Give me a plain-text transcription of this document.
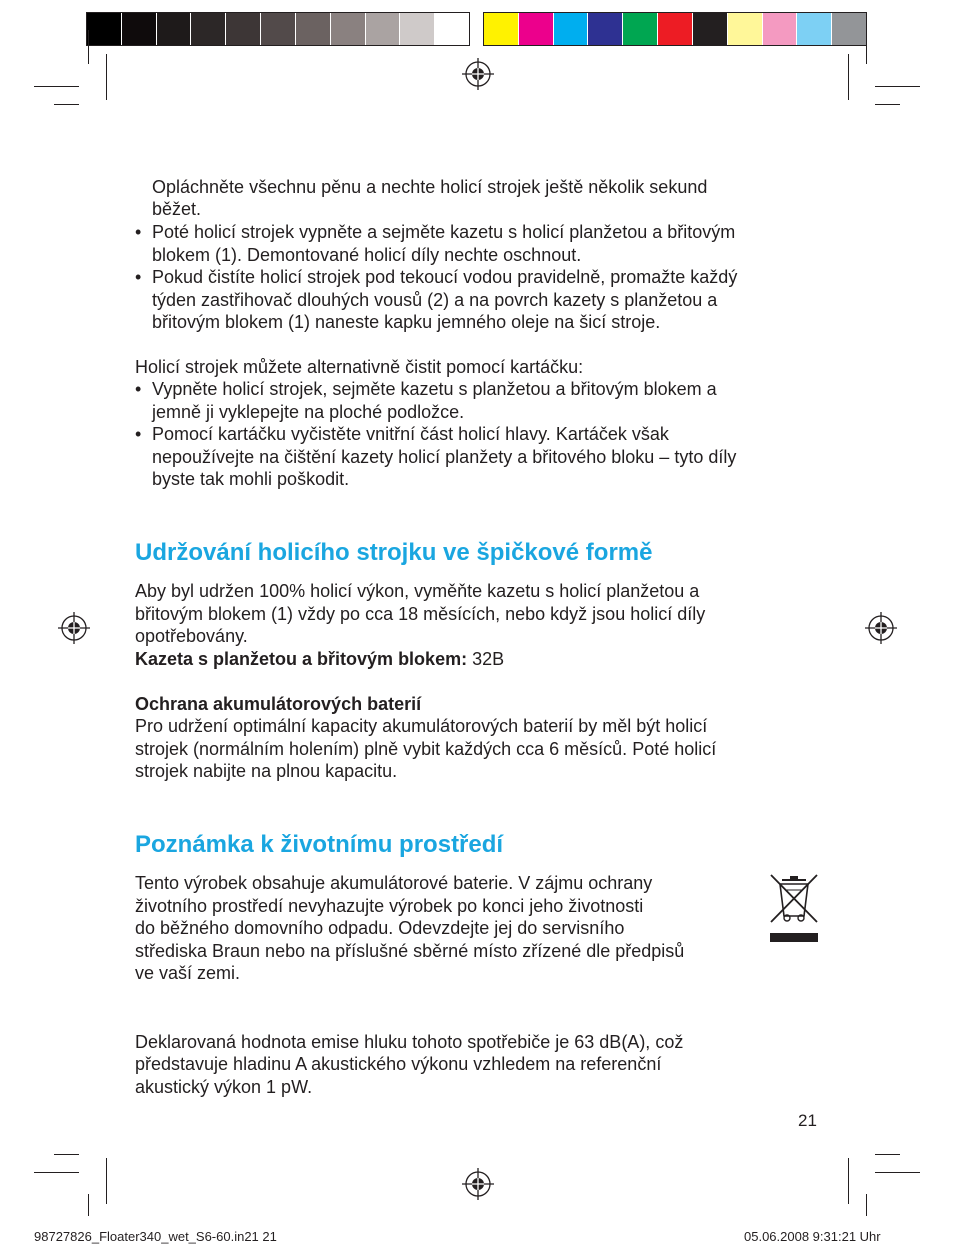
Opláchněte všechnu pěnu a nechte holicí strojek ještě několik sekund
běžet.
• Poté holicí strojek vypněte a sejměte kazetu s holicí planžetou a břitovým
blokem (1). Demontované holicí díly nechte oschnout.
• Pokud čistíte holicí strojek pod tekoucí vodou pravidelně, promažte každý
týden zastřihovač dlouhých vousů (2) a na povrch kazety s planžetou a
břitovým blokem (1) naneste kapku jemného oleje na šicí stroje.
Holicí strojek můžete alternativně čistit pomocí kartáčku:
• Vypněte holicí strojek, sejměte kazetu s planžetou a břitovým blokem a
jemně ji vyklepejte na ploché podložce.
• Pomocí kartáčku vyčistěte vnitřní část holicí hlavy. Kartáček však
nepoužívejte na čištění kazety holicí planžety a břitového bloku – tyto díly
byste tak mohli poškodit.
Udržování holicího strojku ve špičkové formě
Aby byl udržen 100% holicí výkon, vyměňte kazetu s holicí planžetou a
břitovým blokem (1) vždy po cca 18 měsících, nebo když jsou holicí díly
opotřebovány.
Kazeta s planžetou a břitovým blokem: 32B
Ochrana akumulátorových baterií
Pro udržení optimální kapacity akumulátorových baterií by měl být holicí
strojek (normálním holením) plně vybit každých cca 6 měsíců. Poté holicí
strojek nabijte na plnou kapacitu.
Poznámka k životnímu prostředí
Tento výrobek obsahuje akumulátorové baterie. V zájmu ochrany
životního prostředí nevyhazujte výrobek po konci jeho životnosti
do běžného domovního odpadu. Odevzdejte jej do servisního
střediska Braun nebo na příslušné sběrné místo zřízené dle předpisů
ve vaší zemi.
Deklarovaná hodnota emise hluku tohoto spotřebiče je 63 dB(A), což
představuje hladinu A akustického výkonu vzhledem na referenční
akustický výkon 1 pW.
21
98727826_Floater340_wet_S6-60.in21 21	05.06.2008 9:31:21 Uhr
